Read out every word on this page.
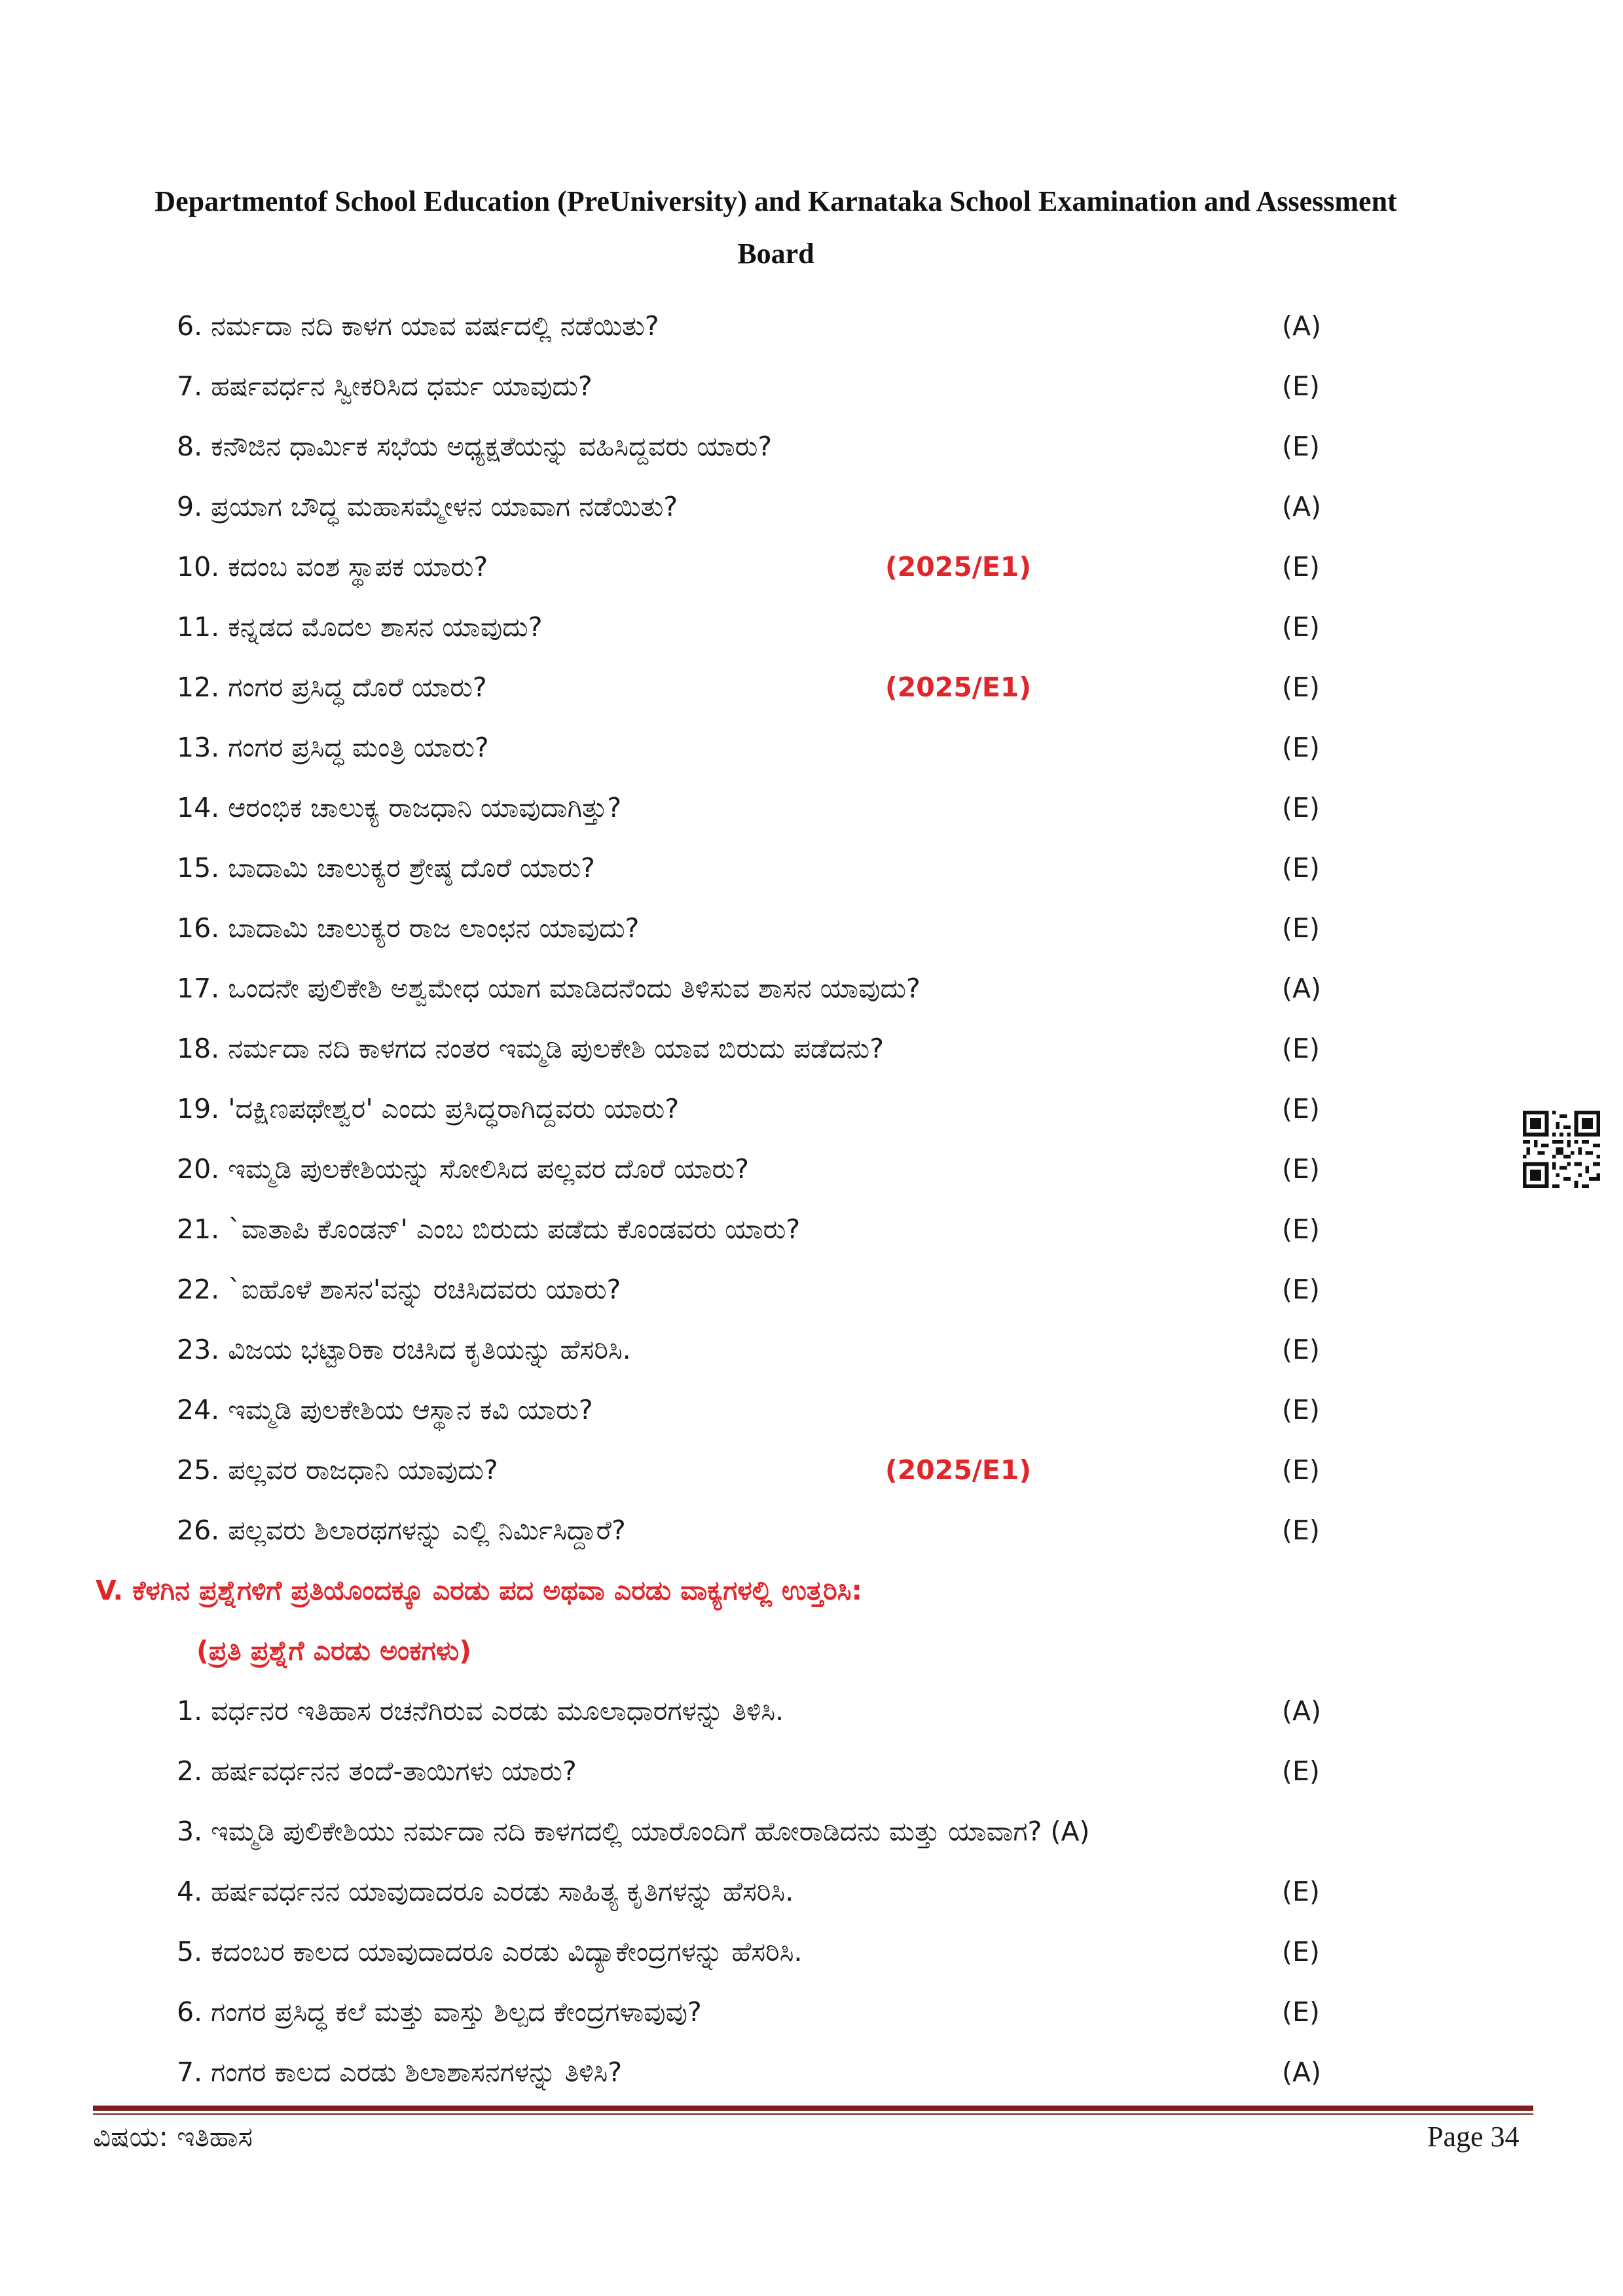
Departmentof School Education (PreUniversity) and Karnataka School Examination and Assessment
Board
6. ನರ್ಮದಾ ನದಿ ಕಾಳಗ ಯಾವ ವರ್ಷದಲ್ಲಿ ನಡೆಯಿತು?	(A)
7. ಹರ್ಷವರ್ಧನ ಸ್ವೀಕರಿಸಿದ ಧರ್ಮ ಯಾವುದು?	(E)
8. ಕನೌಜಿನ ಧಾರ್ಮಿಕ ಸಭೆಯ ಅಧ್ಯಕ್ಷತೆಯನ್ನು ವಹಿಸಿದ್ದವರು ಯಾರು?	(E)
9. ಪ್ರಯಾಗ ಬೌದ್ಧ ಮಹಾಸಮ್ಮೇಳನ ಯಾವಾಗ ನಡೆಯಿತು?	(A)
10. ಕದಂಬ ವಂಶ ಸ್ಥಾಪಕ ಯಾರು?	(2025/E1)	(E)
11. ಕನ್ನಡದ ಮೊದಲ ಶಾಸನ ಯಾವುದು?	(E)
12. ಗಂಗರ ಪ್ರಸಿದ್ಧ ದೊರೆ ಯಾರು?	(2025/E1)	(E)
13. ಗಂಗರ ಪ್ರಸಿದ್ಧ ಮಂತ್ರಿ ಯಾರು?	(E)
14. ಆರಂಭಿಕ ಚಾಲುಕ್ಯ ರಾಜಧಾನಿ ಯಾವುದಾಗಿತ್ತು?	(E)
15. ಬಾದಾಮಿ ಚಾಲುಕ್ಯರ ಶ್ರೇಷ್ಠ ದೊರೆ ಯಾರು?	(E)
16. ಬಾದಾಮಿ ಚಾಲುಕ್ಯರ ರಾಜ ಲಾಂಛನ ಯಾವುದು?	(E)
17. ಒಂದನೇ ಪುಲಿಕೇಶಿ ಅಶ್ವಮೇಧ ಯಾಗ ಮಾಡಿದನೆಂದು ತಿಳಿಸುವ ಶಾಸನ ಯಾವುದು?	(A)
18. ನರ್ಮದಾ ನದಿ ಕಾಳಗದ ನಂತರ ಇಮ್ಮಡಿ ಪುಲಕೇಶಿ ಯಾವ ಬಿರುದು ಪಡೆದನು?	(E)
19. 'ದಕ್ಷಿಣಪಥೇಶ್ವರ' ಎಂದು ಪ್ರಸಿದ್ಧರಾಗಿದ್ದವರು ಯಾರು?	(E)
20. ಇಮ್ಮಡಿ ಪುಲಕೇಶಿಯನ್ನು ಸೋಲಿಸಿದ ಪಲ್ಲವರ ದೊರೆ ಯಾರು?	(E)
21. `ವಾತಾಪಿ ಕೊಂಡನ್' ಎಂಬ ಬಿರುದು ಪಡೆದು ಕೊಂಡವರು ಯಾರು?	(E)
22. `ಐಹೊಳೆ ಶಾಸನ'ವನ್ನು ರಚಿಸಿದವರು ಯಾರು?	(E)
23. ವಿಜಯ ಭಟ್ಟಾರಿಕಾ ರಚಿಸಿದ ಕೃತಿಯನ್ನು ಹೆಸರಿಸಿ.	(E)
24. ಇಮ್ಮಡಿ ಪುಲಕೇಶಿಯ ಆಸ್ಥಾನ ಕವಿ ಯಾರು?	(E)
25. ಪಲ್ಲವರ ರಾಜಧಾನಿ ಯಾವುದು?	(2025/E1)	(E)
26. ಪಲ್ಲವರು ಶಿಲಾರಥಗಳನ್ನು ಎಲ್ಲಿ ನಿರ್ಮಿಸಿದ್ದಾರೆ?	(E)
V. ಕೆಳಗಿನ ಪ್ರಶ್ನೆಗಳಿಗೆ ಪ್ರತಿಯೊಂದಕ್ಕೂ ಎರಡು ಪದ ಅಥವಾ ಎರಡು ವಾಕ್ಯಗಳಲ್ಲಿ ಉತ್ತರಿಸಿ:
(ಪ್ರತಿ ಪ್ರಶ್ನೆಗೆ ಎರಡು ಅಂಕಗಳು)
1. ವರ್ಧನರ ಇತಿಹಾಸ ರಚನೆಗಿರುವ ಎರಡು ಮೂಲಾಧಾರಗಳನ್ನು ತಿಳಿಸಿ.	(A)
2. ಹರ್ಷವರ್ಧನನ ತಂದೆ-ತಾಯಿಗಳು ಯಾರು?	(E)
3. ಇಮ್ಮಡಿ ಪುಲಿಕೇಶಿಯು ನರ್ಮದಾ ನದಿ ಕಾಳಗದಲ್ಲಿ ಯಾರೊಂದಿಗೆ ಹೋರಾಡಿದನು ಮತ್ತು ಯಾವಾಗ? (A)
4. ಹರ್ಷವರ್ಧನನ ಯಾವುದಾದರೂ ಎರಡು ಸಾಹಿತ್ಯ ಕೃತಿಗಳನ್ನು ಹೆಸರಿಸಿ.	(E)
5. ಕದಂಬರ ಕಾಲದ ಯಾವುದಾದರೂ ಎರಡು ವಿದ್ಯಾಕೇಂದ್ರಗಳನ್ನು ಹೆಸರಿಸಿ.	(E)
6. ಗಂಗರ ಪ್ರಸಿದ್ಧ ಕಲೆ ಮತ್ತು ವಾಸ್ತು ಶಿಲ್ಪದ ಕೇಂದ್ರಗಳಾವುವು?	(E)
7. ಗಂಗರ ಕಾಲದ ಎರಡು ಶಿಲಾಶಾಸನಗಳನ್ನು ತಿಳಿಸಿ?	(A)
ವಿಷಯ: ಇತಿಹಾಸ	Page 34
